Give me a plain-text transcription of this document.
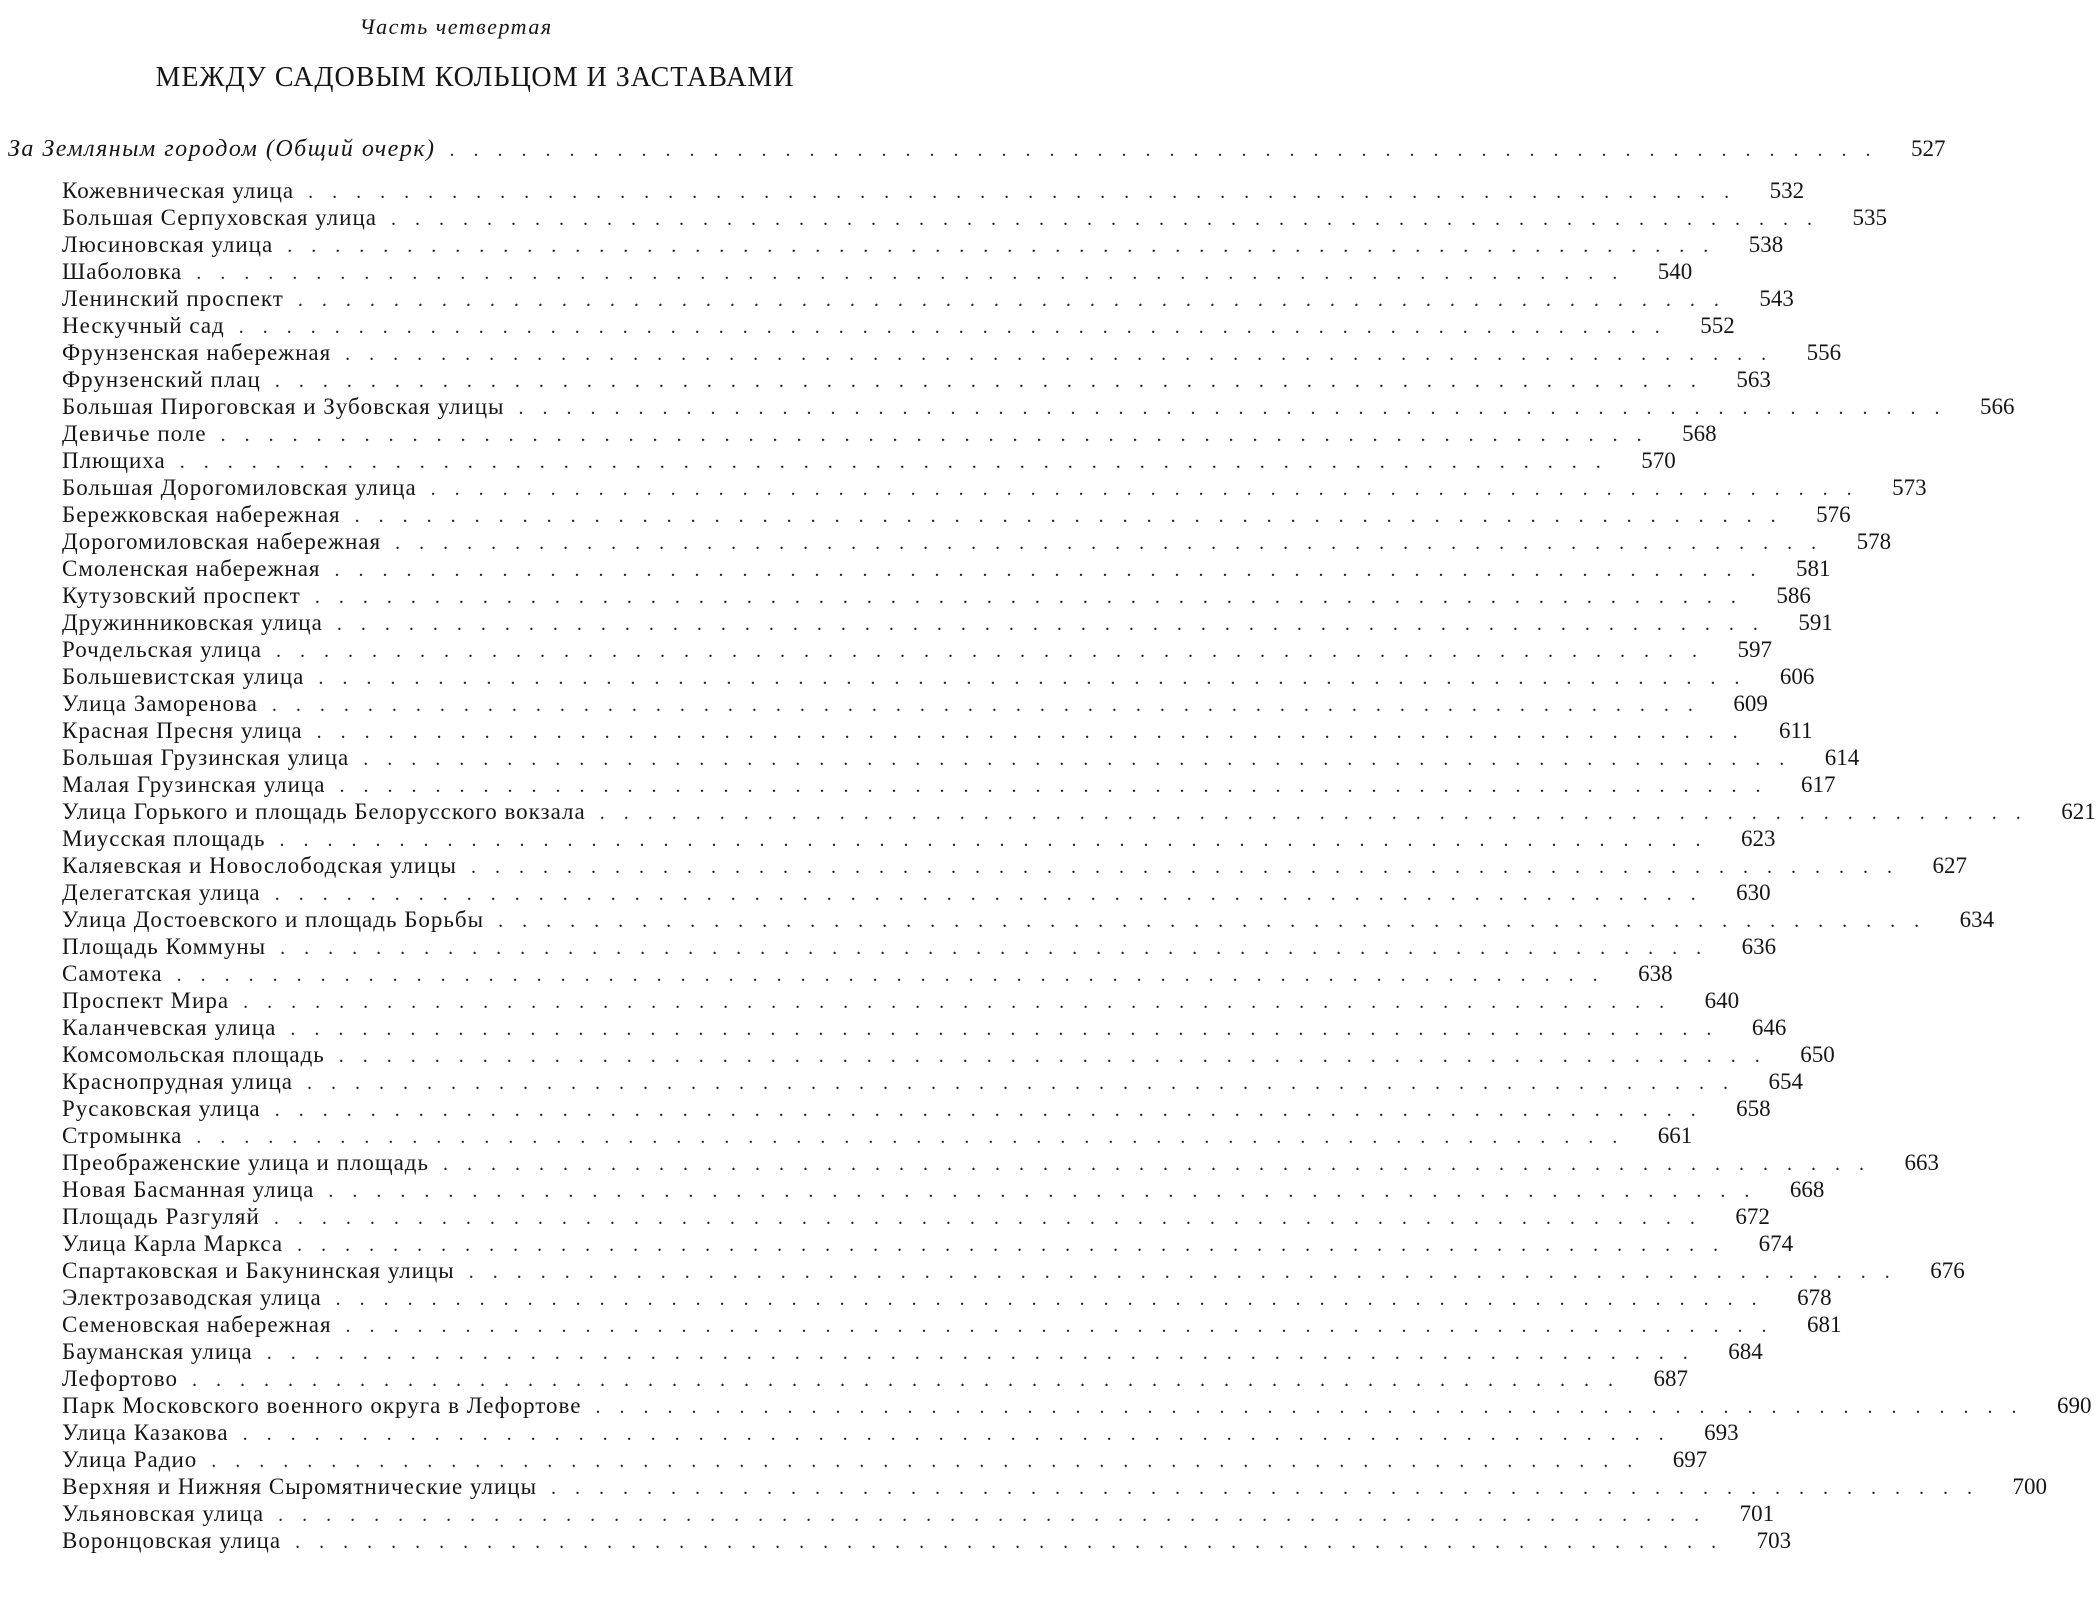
Часть четвертая
МЕЖДУ САДОВЫМ КОЛЬЦОМ И ЗАСТАВАМИ
За Земляным городом (Общий очерк) ............................................................ 527
Кожевническая улица ............................................................ 532
Большая Серпуховская улица ............................................................ 535
Люсиновская улица ............................................................ 538
Шаболовка ............................................................ 540
Ленинский проспект ............................................................ 543
Нескучный сад ............................................................ 552
Фрунзенская набережная ............................................................ 556
Фрунзенский плац ............................................................ 563
Большая Пироговская и Зубовская улицы ............................................................ 566
Девичье поле ............................................................ 568
Плющиха ............................................................ 570
Большая Дорогомиловская улица ............................................................ 573
Бережковская набережная ............................................................ 576
Дорогомиловская набережная ............................................................ 578
Смоленская набережная ............................................................ 581
Кутузовский проспект ............................................................ 586
Дружинниковская улица ............................................................ 591
Рочдельская улица ............................................................ 597
Большевистская улица ............................................................ 606
Улица Заморенова ............................................................ 609
Красная Пресня улица ............................................................ 611
Большая Грузинская улица ............................................................ 614
Малая Грузинская улица ............................................................ 617
Улица Горького и площадь Белорусского вокзала ............................................................ 621
Миусская площадь ............................................................ 623
Каляевская и Новослободская улицы ............................................................ 627
Делегатская улица ............................................................ 630
Улица Достоевского и площадь Борьбы ............................................................ 634
Площадь Коммуны ............................................................ 636
Самотека ............................................................ 638
Проспект Мира ............................................................ 640
Каланчевская улица ............................................................ 646
Комсомольская площадь ............................................................ 650
Краснопрудная улица ............................................................ 654
Русаковская улица ............................................................ 658
Стромынка ............................................................ 661
Преображенские улица и площадь ............................................................ 663
Новая Басманная улица ............................................................ 668
Площадь Разгуляй ............................................................ 672
Улица Карла Маркса ............................................................ 674
Спартаковская и Бакунинская улицы ............................................................ 676
Электрозаводская улица ............................................................ 678
Семеновская набережная ............................................................ 681
Бауманская улица ............................................................ 684
Лефортово ............................................................ 687
Парк Московского военного округа в Лефортове ............................................................ 690
Улица Казакова ............................................................ 693
Улица Радио ............................................................ 697
Верхняя и Нижняя Сыромятнические улицы ............................................................ 700
Ульяновская улица ............................................................ 701
Воронцовская улица ............................................................ 703
